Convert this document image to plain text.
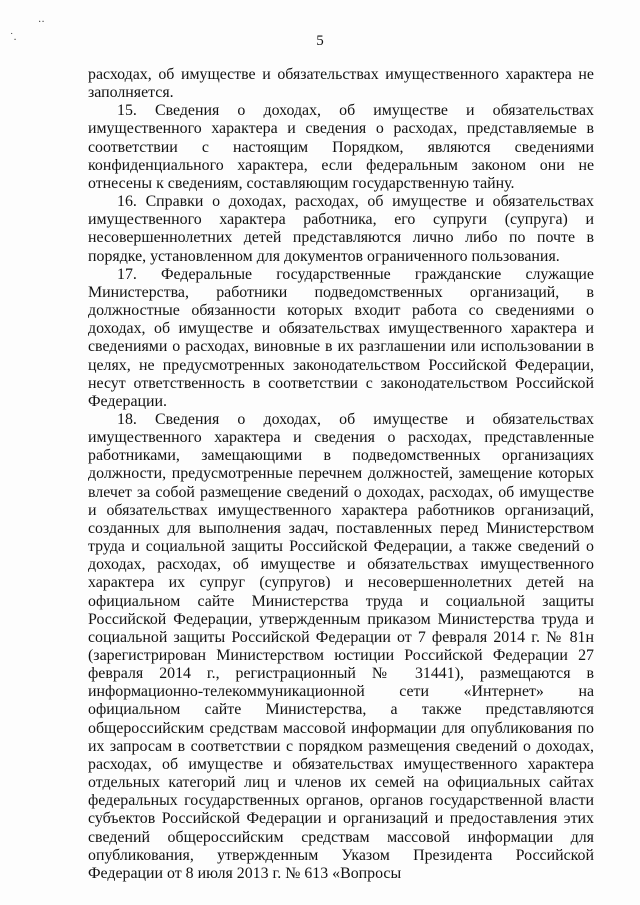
․․
˙․	5

расходах, об имуществе и обязательствах имущественного характера не заполняется.

15. Сведения о доходах, об имуществе и обязательствах имущественного характера и сведения о расходах, представляемые в соответствии с настоящим Порядком, являются сведениями конфиденциального характера, если федеральным законом они не отнесены к сведениям, составляющим государственную тайну.

16. Справки о доходах, расходах, об имуществе и обязательствах имущественного характера работника, его супруги (супруга) и несовершеннолетних детей представляются лично либо по почте в порядке, установленном для документов ограниченного пользования.

17. Федеральные государственные гражданские служащие Министерства, работники подведомственных организаций, в должностные обязанности которых входит работа со сведениями о доходах, об имуществе и обязательствах имущественного характера и сведениями о расходах, виновные в их разглашении или использовании в целях, не предусмотренных законодательством Российской Федерации, несут ответственность в соответствии с законодательством Российской Федерации.

18. Сведения о доходах, об имуществе и обязательствах имущественного характера и сведения о расходах, представленные работниками, замещающими в подведомственных организациях должности, предусмотренные перечнем должностей, замещение которых влечет за собой размещение сведений о доходах, расходах, об имуществе и обязательствах имущественного характера работников организаций, созданных для выполнения задач, поставленных перед Министерством труда и социальной защиты Российской Федерации, а также сведений о доходах, расходах, об имуществе и обязательствах имущественного характера их супруг (супругов) и несовершеннолетних детей на официальном сайте Министерства труда и социальной защиты Российской Федерации, утвержденным приказом Министерства труда и социальной защиты Российской Федерации от 7 февраля 2014 г. № 81н (зарегистрирован Министерством юстиции Российской Федерации 27 февраля 2014 г., регистрационный № 31441), размещаются в информационно-телекоммуникационной сети «Интернет» на официальном сайте Министерства, а также представляются общероссийским средствам массовой информации для опубликования по их запросам в соответствии с порядком размещения сведений о доходах, расходах, об имуществе и обязательствах имущественного характера отдельных категорий лиц и членов их семей на официальных сайтах федеральных государственных органов, органов государственной власти субъектов Российской Федерации и организаций и предоставления этих сведений общероссийским средствам массовой информации для опубликования, утвержденным Указом Президента Российской Федерации от 8 июля 2013 г. № 613 «Вопросы
